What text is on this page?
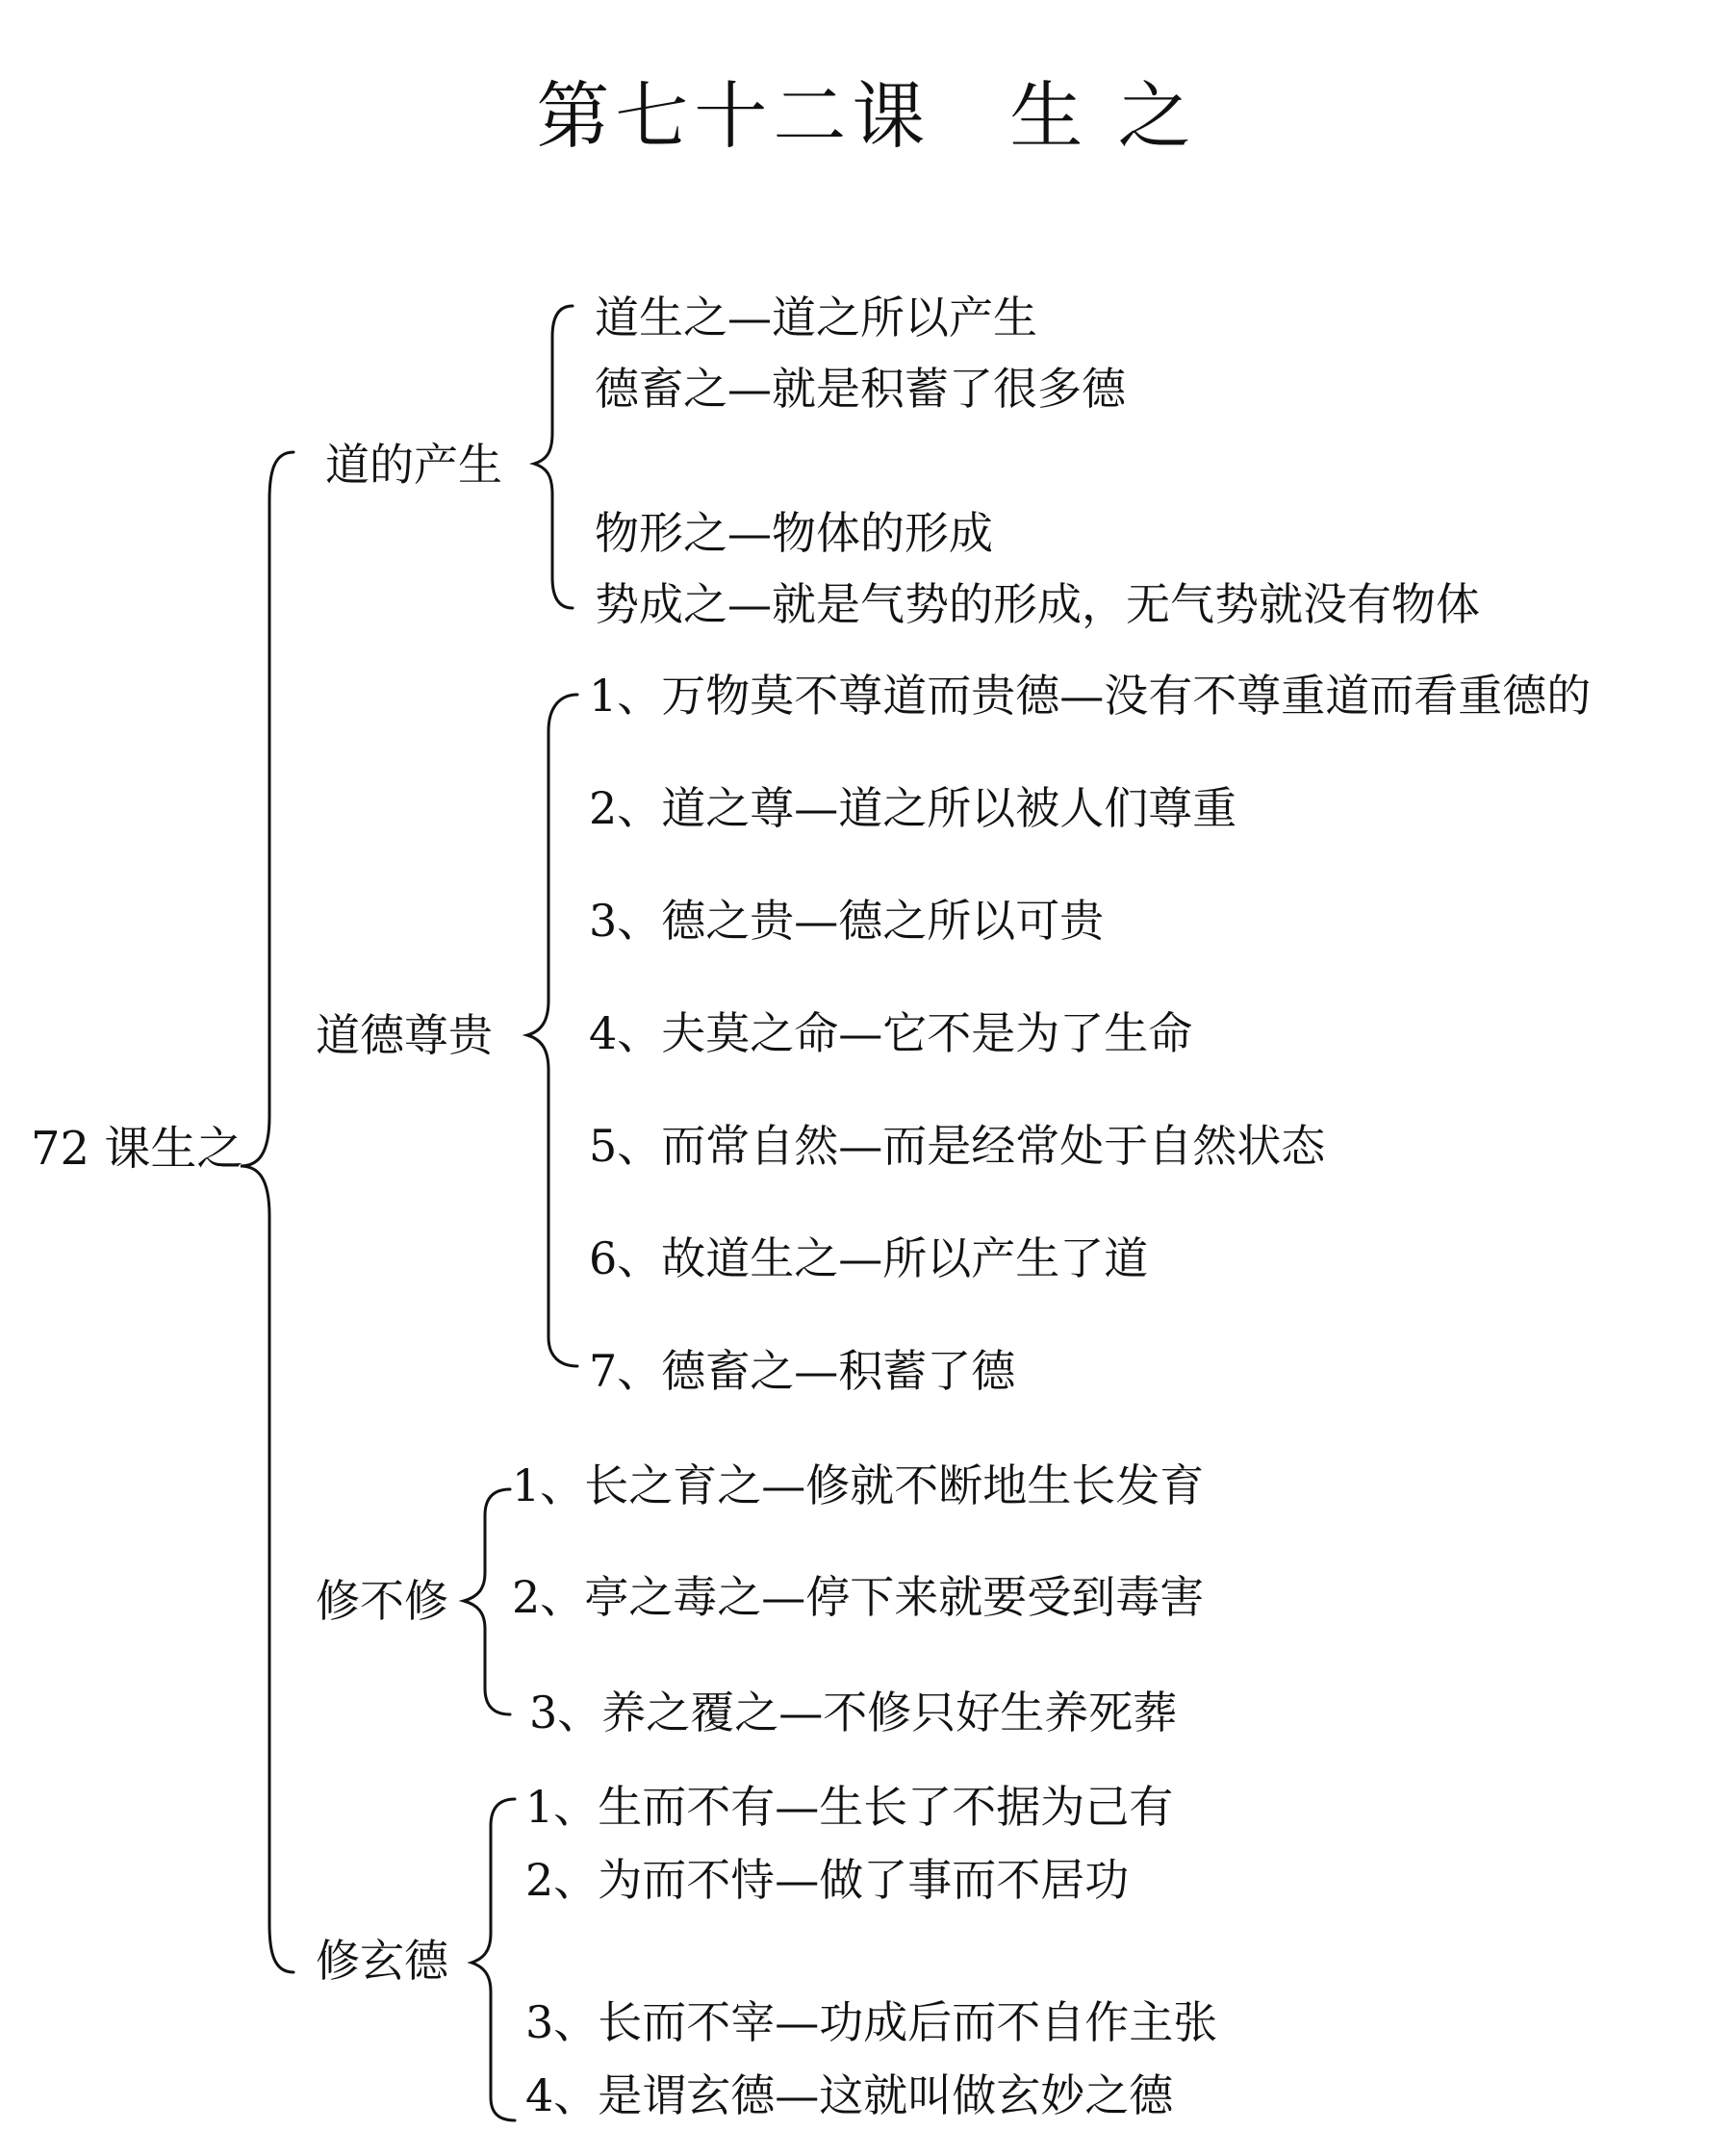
第七十二课　生 之
72 课生之
道的产生
道生之—道之所以产生
德畜之—就是积蓄了很多德
物形之—物体的形成
势成之—就是气势的形成，无气势就没有物体
道德尊贵
1、万物莫不尊道而贵德—没有不尊重道而看重德的
2、道之尊—道之所以被人们尊重
3、德之贵—德之所以可贵
4、夫莫之命—它不是为了生命
5、而常自然—而是经常处于自然状态
6、故道生之—所以产生了道
7、德畜之—积蓄了德
修不修
1、长之育之—修就不断地生长发育
2、亭之毒之—停下来就要受到毒害
3、养之覆之—不修只好生养死葬
修玄德
1、生而不有—生长了不据为己有
2、为而不恃—做了事而不居功
3、长而不宰—功成后而不自作主张
4、是谓玄德—这就叫做玄妙之德
